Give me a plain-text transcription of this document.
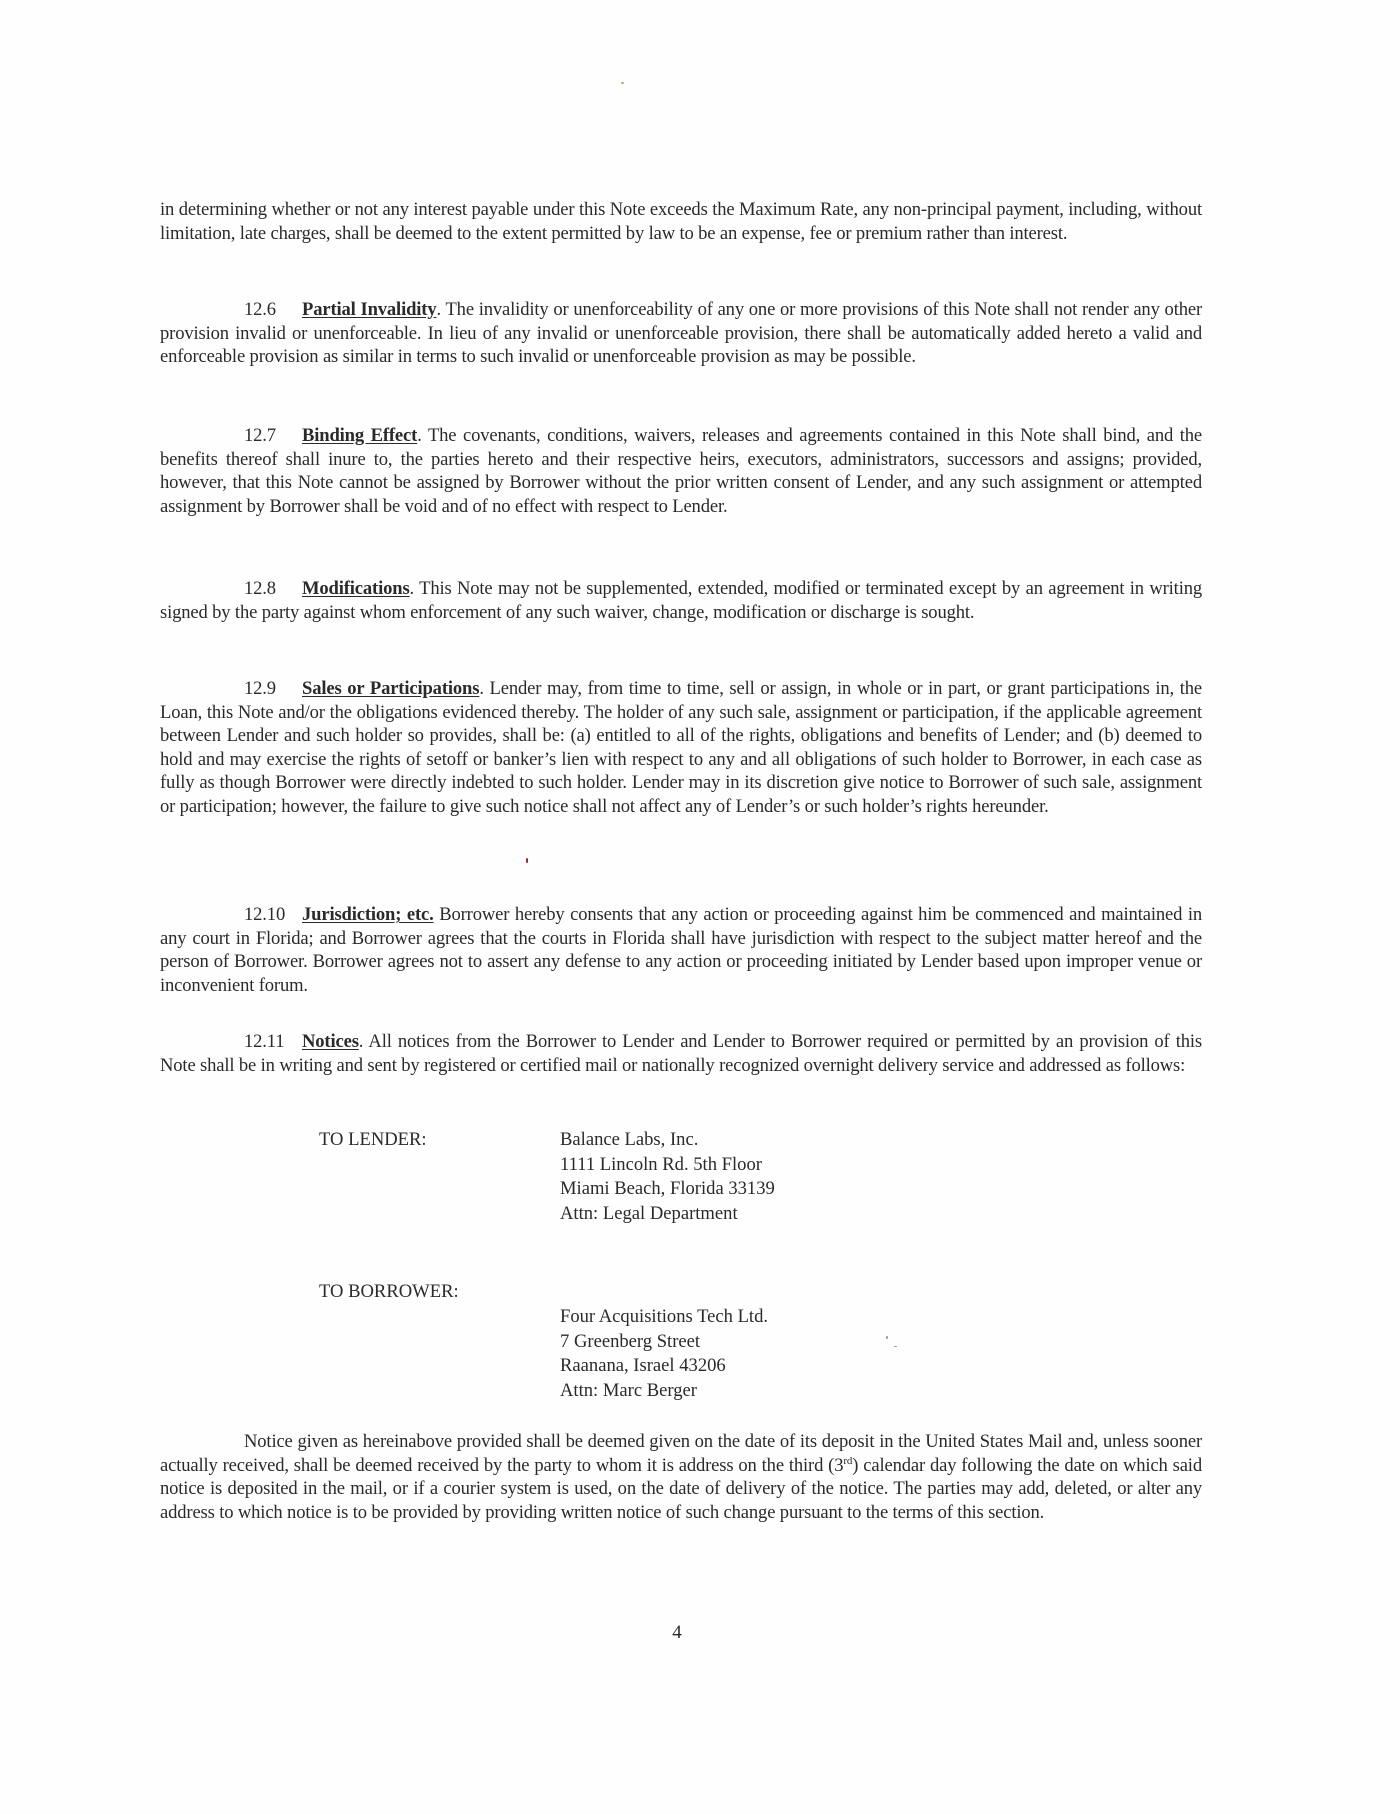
in determining whether or not any interest payable under this Note exceeds the Maximum Rate, any non-principal payment, including, without limitation, late charges, shall be deemed to the extent permitted by law to be an expense, fee or premium rather than interest.

12.6 Partial Invalidity. The invalidity or unenforceability of any one or more provisions of this Note shall not render any other provision invalid or unenforceable. In lieu of any invalid or unenforceable provision, there shall be automatically added hereto a valid and enforceable provision as similar in terms to such invalid or unenforceable provision as may be possible.

12.7 Binding Effect. The covenants, conditions, waivers, releases and agreements contained in this Note shall bind, and the benefits thereof shall inure to, the parties hereto and their respective heirs, executors, administrators, successors and assigns; provided, however, that this Note cannot be assigned by Borrower without the prior written consent of Lender, and any such assignment or attempted assignment by Borrower shall be void and of no effect with respect to Lender.

12.8 Modifications. This Note may not be supplemented, extended, modified or terminated except by an agreement in writing signed by the party against whom enforcement of any such waiver, change, modification or discharge is sought.

12.9 Sales or Participations. Lender may, from time to time, sell or assign, in whole or in part, or grant participations in, the Loan, this Note and/or the obligations evidenced thereby. The holder of any such sale, assignment or participation, if the applicable agreement between Lender and such holder so provides, shall be: (a) entitled to all of the rights, obligations and benefits of Lender; and (b) deemed to hold and may exercise the rights of setoff or banker’s lien with respect to any and all obligations of such holder to Borrower, in each case as fully as though Borrower were directly indebted to such holder. Lender may in its discretion give notice to Borrower of such sale, assignment or participation; however, the failure to give such notice shall not affect any of Lender’s or such holder’s rights hereunder.

12.10 Jurisdiction; etc. Borrower hereby consents that any action or proceeding against him be commenced and maintained in any court in Florida; and Borrower agrees that the courts in Florida shall have jurisdiction with respect to the subject matter hereof and the person of Borrower. Borrower agrees not to assert any defense to any action or proceeding initiated by Lender based upon improper venue or inconvenient forum.

12.11 Notices. All notices from the Borrower to Lender and Lender to Borrower required or permitted by an provision of this Note shall be in writing and sent by registered or certified mail or nationally recognized overnight delivery service and addressed as follows:

TO LENDER:	Balance Labs, Inc.
1111 Lincoln Rd. 5th Floor
Miami Beach, Florida 33139
Attn: Legal Department
TO BORROWER:
Four Acquisitions Tech Ltd.
7 Greenberg Street
Raanana, Israel 43206
Attn: Marc Berger

Notice given as hereinabove provided shall be deemed given on the date of its deposit in the United States Mail and, unless sooner actually received, shall be deemed received by the party to whom it is address on the third (3rd) calendar day following the date on which said notice is deposited in the mail, or if a courier system is used, on the date of delivery of the notice. The parties may add, deleted, or alter any address to which notice is to be provided by providing written notice of such change pursuant to the terms of this section.

4
